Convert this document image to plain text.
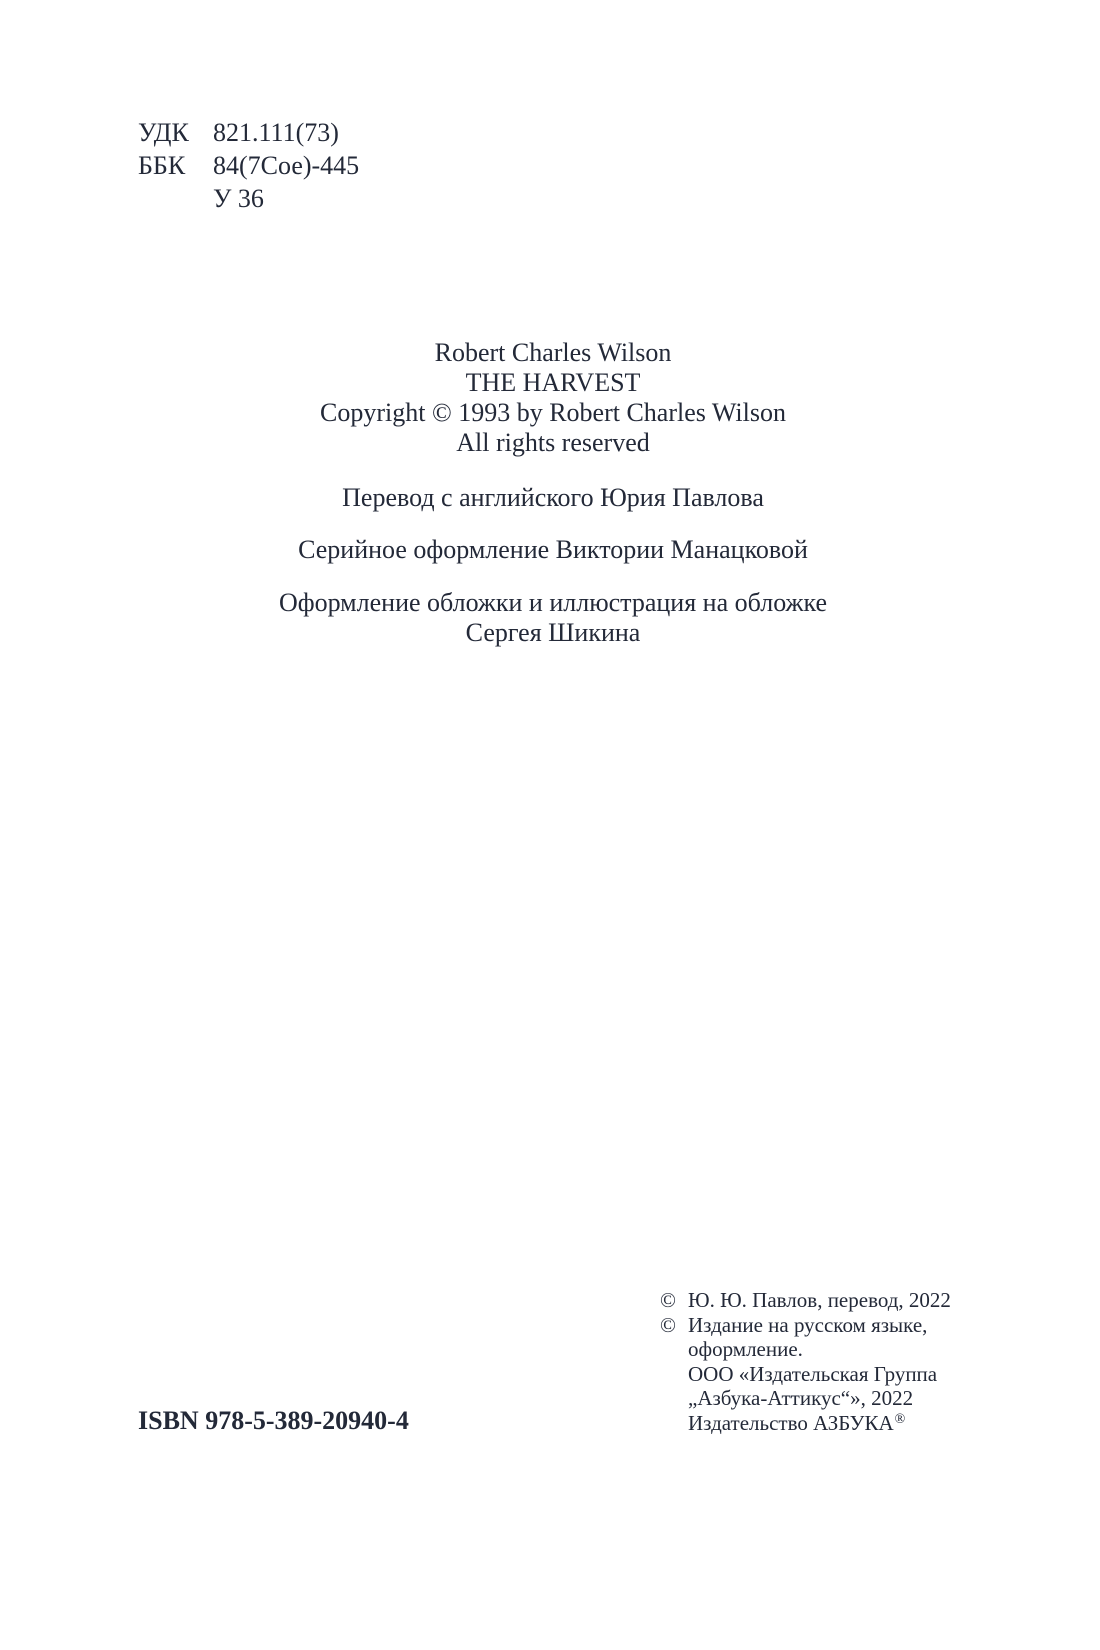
УДК 821.111(73)
ББК	84(7Сое)-445
У 36

Robert Charles Wilson

THE HARVEST

Copyright © 1993 by Robert Charles Wilson

All rights reserved

Перевод с английского Юрия Павлова

Серийное оформление Виктории Манацковой

Оформление обложки и иллюстрация на обложке

Сергея Шикина

© Ю. Ю. Павлов, перевод, 2022
© Издание на русском языке,
оформление.
ООО «Издательская Группа
„Азбука-Аттикус“», 2022
Издательство АЗБУКА®
ISBN 978-5-389-20940-4
